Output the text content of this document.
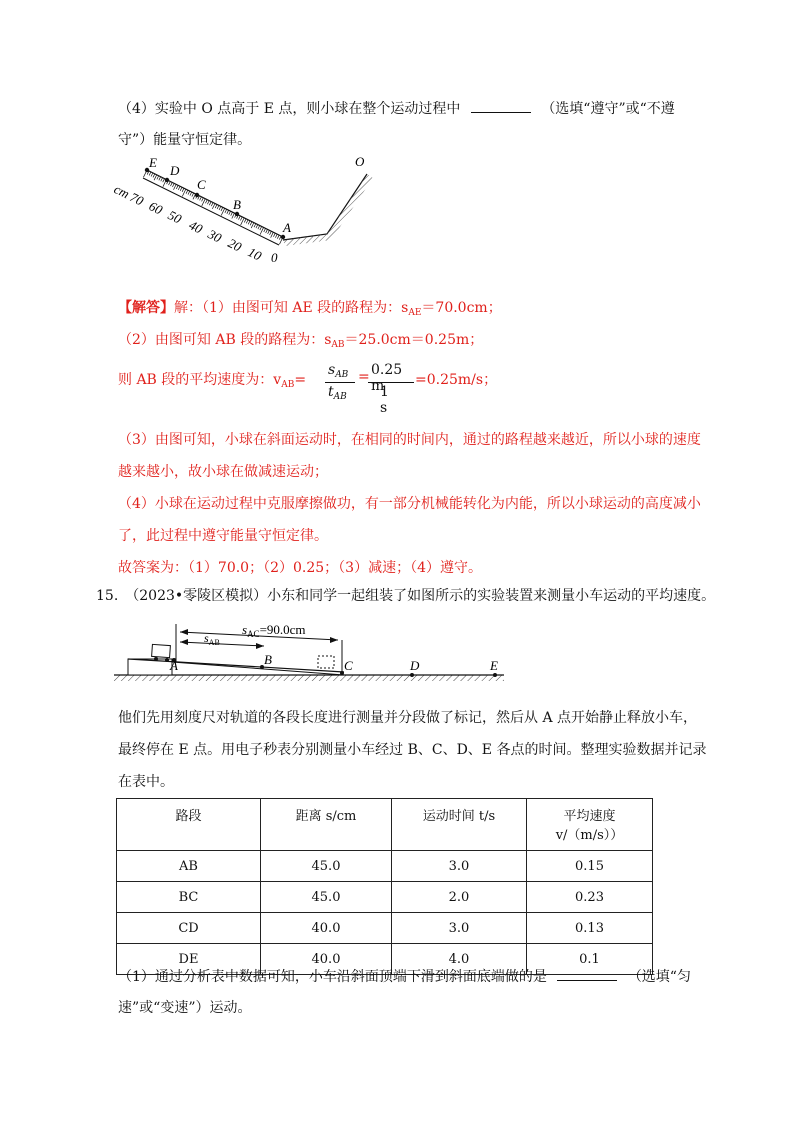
（4）实验中 O 点高于 E 点，则小球在整个运动过程中	（选填“遵守”或“不遵
守”）能量守恒定律。
E
D
C
B
A
O
cm
70 60 50
40 30 20 10 0
【解答】解：（1）由图可知 AE 段的路程为：$s_{AE}=70.0cm$；
（2）由图可知 AB 段的路程为：$s_{AB}=25.0cm=0.25m$；
则 AB 段的平均速度为：$v_{AB}=$
$s_{AB}$
$t_{AB}$
= 0.25 m
1 s
=0.25m/s；
（3）由图可知，小球在斜面运动时，在相同的时间内，通过的路程越来越近，所以小球的速度
越来越小，故小球在做减速运动；
（4）小球在运动过程中克服摩擦做功，有一部分机械能转化为内能，所以小球运动的高度减小
了，此过程中遵守能量守恒定律。
故答案为：（1）70.0；（2）0.25；（3）减速；（4）遵守。
15.　（2023•零陵区模拟）小东和同学一起组装了如图所示的实验装置来测量小车运动的平均速度。
$s_{AC}=90.0cm$
$s_{AB}$
A	B	C	D	E
他们先用刻度尺对轨道的各段长度进行测量并分段做了标记，然后从 A 点开始静止释放小车，
最终停在 E 点。用电子秒表分别测量小车经过 B、C、D、E 各点的时间。整理实验数据并记录
在表中。
路段	距离 s/cm	运动时间 t/s	平均速度
v/（m/s））

AB	45.0	3.0	0.15
BC	45.0	2.0	0.23
CD	40.0	3.0	0.13
DE	40.0	4.0	0.1
（1）通过分析表中数据可知，小车沿斜面顶端下滑到斜面底端做的是	（选填“匀
速”或“变速”）运动。
